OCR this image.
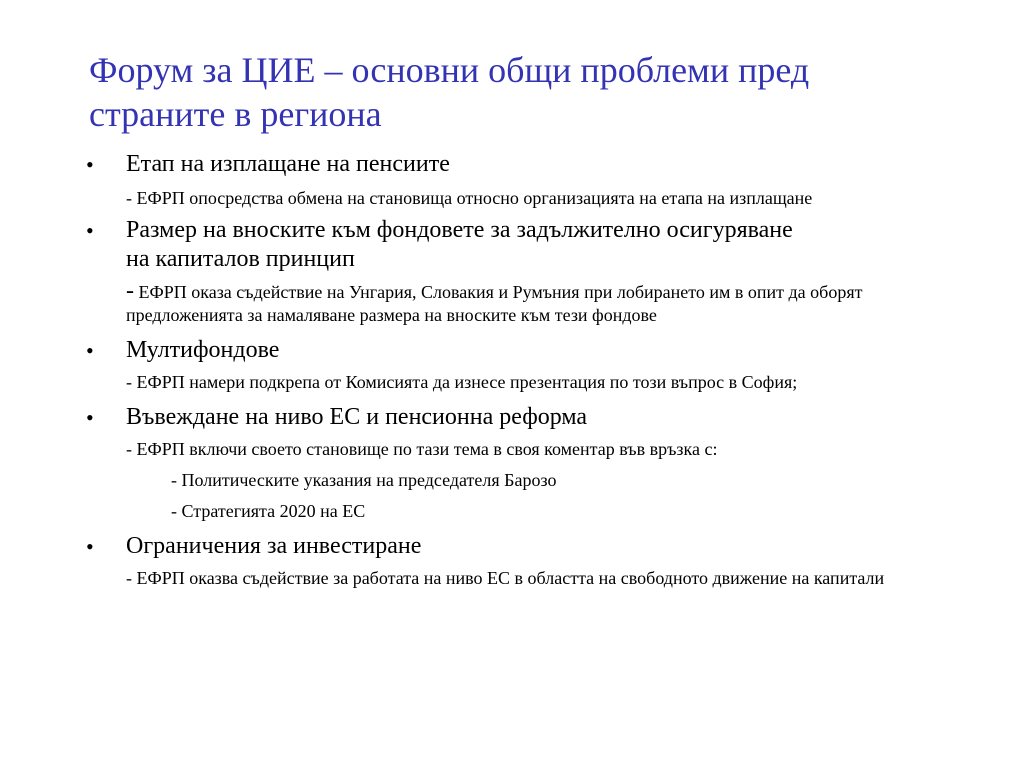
Форум за ЦИЕ – основни общи проблеми пред
страните в региона
• Етап на изплащане на пенсиите
- ЕФРП опосредства обмена на становища относно организацията на етапа на изплащане
• Размер на вноските към фондовете за задължително осигуряване
на капиталов принцип
- ЕФРП оказа съдействие на Унгария, Словакия и Румъния при лобирането им в опит да оборят предложенията за намаляване размера на вноските към тези фондове
• Мултифондове
- ЕФРП намери подкрепа от Комисията да изнесе презентация по този въпрос в София;
• Въвеждане на ниво ЕС и пенсионна реформа
- ЕФРП включи своето становище по тази тема в своя коментар във връзка с:
- Политическите указания на председателя Барозо
- Стратегията 2020 на ЕС
• Ограничения за инвестиране
- ЕФРП оказва съдействие за работата на ниво ЕС в областта на свободното движение на капитали
